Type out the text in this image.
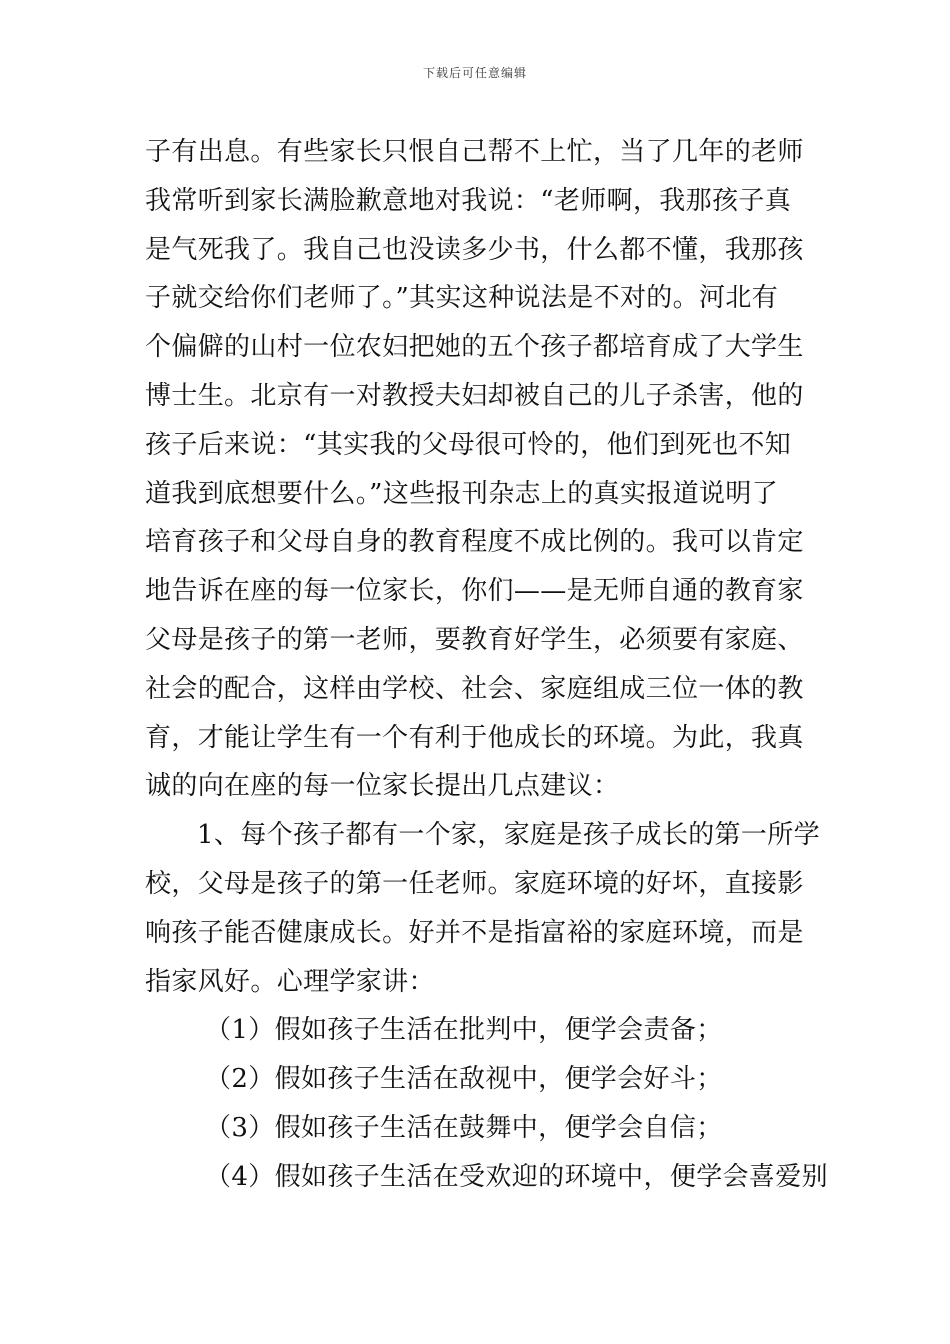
下载后可任意编辑
子有出息。有些家长只恨自己帮不上忙，当了几年的老师
我常听到家长满脸歉意地对我说：“老师啊，我那孩子真
是气死我了。我自己也没读多少书，什么都不懂，我那孩
子就交给你们老师了。”其实这种说法是不对的。河北有
个偏僻的山村一位农妇把她的五个孩子都培育成了大学生
博士生。北京有一对教授夫妇却被自己的儿子杀害，他的
孩子后来说：“其实我的父母很可怜的，他们到死也不知
道我到底想要什么。”这些报刊杂志上的真实报道说明了
培育孩子和父母自身的教育程度不成比例的。我可以肯定
地告诉在座的每一位家长，你们——是无师自通的教育家
父母是孩子的第一老师，要教育好学生，必须要有家庭、
社会的配合，这样由学校、社会、家庭组成三位一体的教
育，才能让学生有一个有利于他成长的环境。为此，我真
诚的向在座的每一位家长提出几点建议：
1、每个孩子都有一个家，家庭是孩子成长的第一所学
校，父母是孩子的第一任老师。家庭环境的好坏，直接影
响孩子能否健康成长。好并不是指富裕的家庭环境，而是
指家风好。心理学家讲：
（1）假如孩子生活在批判中，便学会责备；
（2）假如孩子生活在敌视中，便学会好斗；
（3）假如孩子生活在鼓舞中，便学会自信；
（4）假如孩子生活在受欢迎的环境中，便学会喜爱别
